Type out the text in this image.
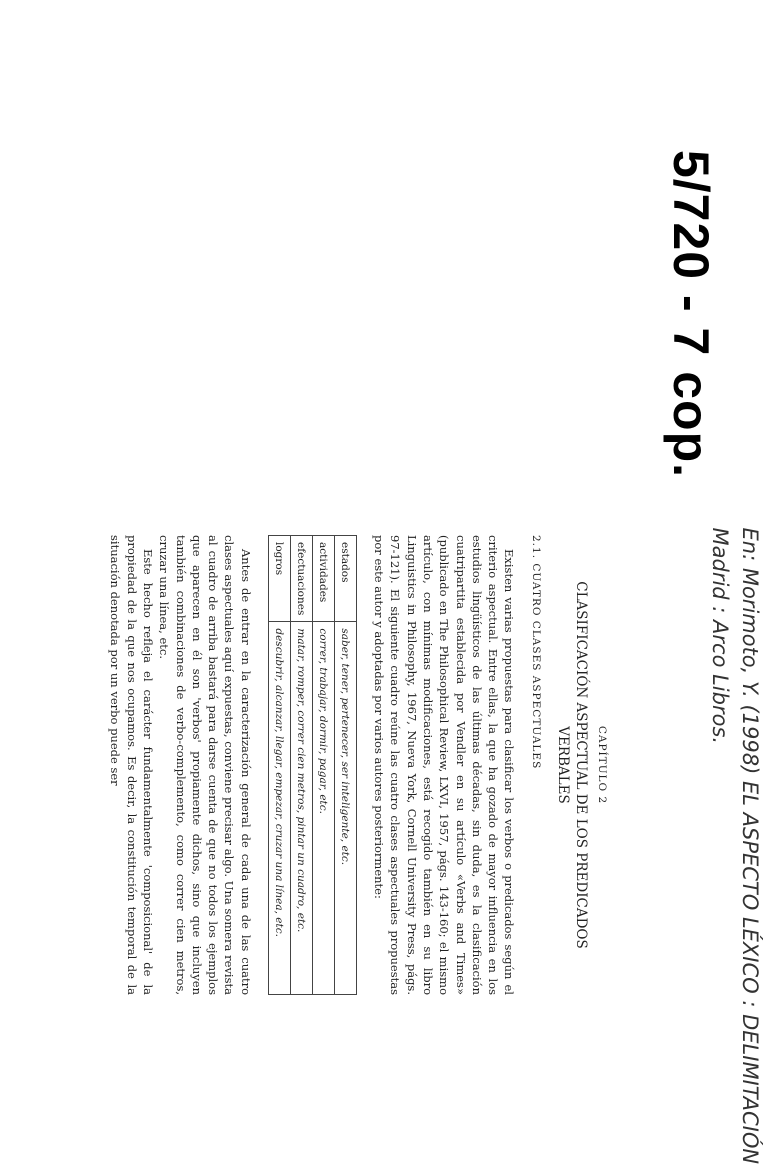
5/720 - 7 cop.
En: Morimoto, Y. (1998) EL ASPECTO LÉXICO : DELIMITACIÓN
Madrid : Arco Libros.
CAPÍTULO 2
CLASIFICACIÓN ASPECTUAL DE LOS PREDICADOS
VERBALES
2.1. CUATRO CLASES ASPECTUALES

Existen varias propuestas para clasificar los verbos o predicados según el criterio aspectual. Entre ellas, la que ha gozado de mayor influencia en los estudios lingüísticos de las últimas décadas, sin duda, es la clasificación cuatripartita establecida por Vendler en su artículo «Verbs and Times» (publicado en The Philosophical Review, LXVI, 1957, págs. 143-160; el mismo artículo, con mínimas modificaciones, está recogido también en su libro Linguistics in Philosophy, 1967, Nueva York, Cornell University Press, págs. 97-121). El siguiente cuadro reúne las cuatro clases aspectuales propuestas por este autor y adoptadas por varios autores posteriormente:

estados	saber, tener, pertenecer, ser inteligente, etc.
actividades	correr, trabajar, dormir, pagar, etc.
efectuaciones	matar, romper, correr cien metros, pintar un cuadro, etc.
logros	descubrir, alcanzar, llegar, empezar, cruzar una línea, etc.

Antes de entrar en la caracterización general de cada una de las cuatro clases aspectuales aquí expuestas, conviene precisar algo. Una somera revista al cuadro de arriba bastará para darse cuenta de que no todos los ejemplos que aparecen en él son 'verbos' propiamente dichos, sino que incluyen también combinaciones de verbo-complemento, como correr cien metros, cruzar una línea, etc.

Este hecho refleja el carácter fundamentalmente 'composicional' de la propiedad de la que nos ocupamos. Es decir, la constitución temporal de la situación denotada por un verbo puede ser
